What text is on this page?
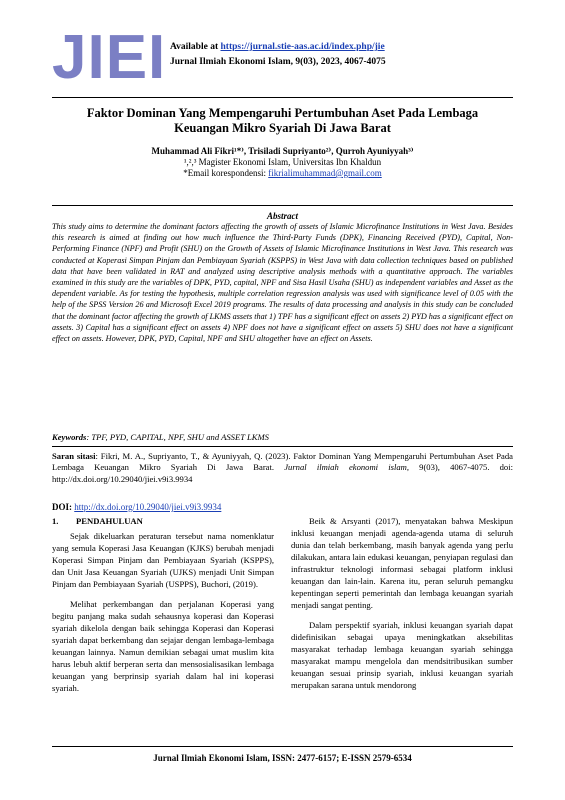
JIEI Available at https://jurnal.stie-aas.ac.id/index.php/jie
Jurnal Ilmiah Ekonomi Islam, 9(03), 2023, 4067-4075
Faktor Dominan Yang Mempengaruhi Pertumbuhan Aset Pada Lembaga
Keuangan Mikro Syariah Di Jawa Barat
Muhammad Ali Fikri¹*⁾, Trisiladi Supriyanto²⁾, Qurroh Ayuniyyah³⁾
¹,²,³ Magister Ekonomi Islam, Universitas Ibn Khaldun
*Email korespondensi: fikrialimuhammad@gmail.com
Abstract
This study aims to determine the dominant factors affecting the growth of assets of Islamic Microfinance Institutions in West Java. Besides this research is aimed at finding out how much influence the Third-Party Funds (DPK), Financing Received (PYD), Capital, Non-Performing Finance (NPF) and Profit (SHU) on the Growth of Assets of Islamic Microfinance Institutions in West Java. This research was conducted at Koperasi Simpan Pinjam dan Pembiayaan Syariah (KSPPS) in West Java with data collection techniques based on published data that have been validated in RAT and analyzed using descriptive analysis methods with a quantitative approach. The variables examined in this study are the variables of DPK, PYD, capital, NPF and Sisa Hasil Usaha (SHU) as independent variables and Asset as the dependent variable. As for testing the hypothesis, multiple correlation regression analysis was used with significance level of 0.05 with the help of the SPSS Version 26 and Microsoft Excel 2019 programs. The results of data processing and analysis in this study can be concluded that the dominant factor affecting the growth of LKMS assets that 1) TPF has a significant effect on assets 2) PYD has a significant effect on assets. 3) Capital has a significant effect on assets 4) NPF does not have a significant effect on assets 5) SHU does not have a significant effect on assets. However, DPK, PYD, Capital, NPF and SHU altogether have an effect on Assets.
Keywords: TPF, PYD, CAPITAL, NPF, SHU and ASSET LKMS
Saran sitasi: Fikri, M. A., Supriyanto, T., & Ayuniyyah, Q. (2023). Faktor Dominan Yang Mempengaruhi Pertumbuhan Aset Pada Lembaga Keuangan Mikro Syariah Di Jawa Barat. Jurnal ilmiah ekonomi islam, 9(03), 4067-4075. doi: http://dx.doi.org/10.29040/jiei.v9i3.9934
DOI: http://dx.doi.org/10.29040/jiei.v9i3.9934
1. PENDAHULUAN

Sejak dikeluarkan peraturan tersebut nama nomenklatur yang semula Koperasi Jasa Keuangan (KJKS) berubah menjadi Koperasi Simpan Pinjam dan Pembiayaan Syariah (KSPPS), dan Unit Jasa Keuangan Syariah (UJKS) menjadi Unit Simpan Pinjam dan Pembiayaan Syariah (USPPS), Buchori, (2019).

Melihat perkembangan dan perjalanan Koperasi yang begitu panjang maka sudah sehausnya koperasi dan Koperasi syariah dikelola dengan baik sehingga Koperasi dan Koperasi syariah dapat berkembang dan sejajar dengan lembaga-lembaga keuangan lainnya. Namun demikian sebagai umat muslim kita harus lebuh aktif berperan serta dan mensosialisasikan lembaga keuangan yang berprinsip syariah dalam hal ini koperasi syariah.

Beik & Arsyanti (2017), menyatakan bahwa Meskipun inklusi keuangan menjadi agenda-agenda utama di seluruh dunia dan telah berkembang, masih banyak agenda yang perlu dilakukan, antara lain edukasi keuangan, penyiapan regulasi dan infrastruktur teknologi informasi sebagai platform inklusi keuangan dan lain-lain. Karena itu, peran seluruh pemangku kepentingan seperti pemerintah dan lembaga keuangan syariah menjadi sangat penting.

Dalam perspektif syariah, inklusi keuangan syariah dapat didefinisikan sebagai upaya meningkatkan aksebilitas masyarakat terhadap lembaga keuangan syariah sehingga masyarakat mampu mengelola dan mendsitribusikan sumber keuangan sesuai prinsip syariah, inklusi keuangan syariah merupakan sarana untuk mendorong

Jurnal Ilmiah Ekonomi Islam, ISSN: 2477-6157; E-ISSN 2579-6534
